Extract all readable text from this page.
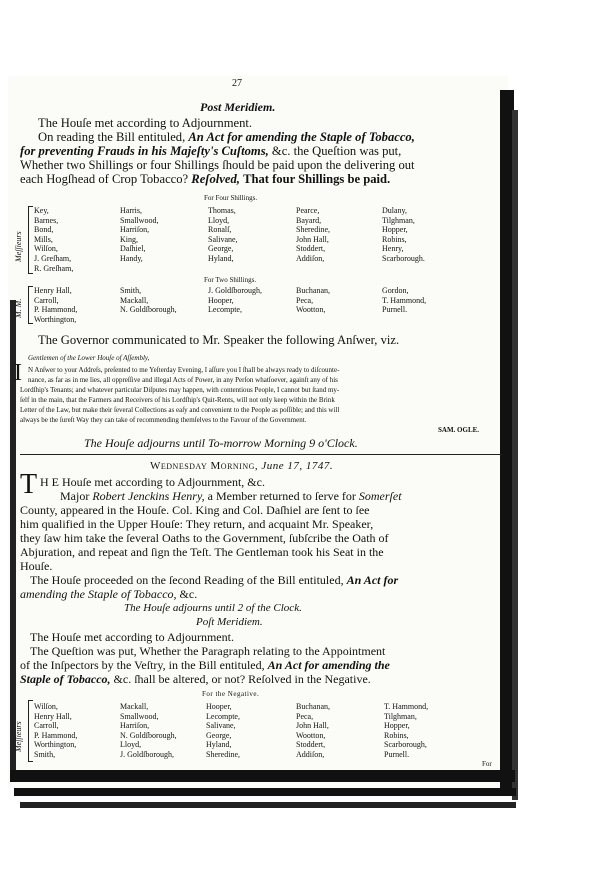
27
Post Meridiem.
The Houſe met according to Adjournment.
On reading the Bill entituled, An Act for amending the Staple of Tobacco,
for preventing Frauds in his Majeſty's Cuſtoms, &c. the Queſtion was put,
Whether two Shillings or four Shillings ſhould be paid upon the delivering out
each Hogſhead of Crop Tobacco? Reſolved, That four Shillings be paid.
For Four Shillings.
Meſſieurs
Key,
Barnes,
Bond,
Mills,
Wilſon,
J. Greſham,
R. Greſham,
Harris,
Smallwood,
Harriſon,
King,
Daſhiel,
Handy,
Thomas,
Lloyd,
Ronalſ,
Salivane,
George,
Hyland,
Pearce,
Bayard,
Sheredine,
John Hall,
Stoddert,
Addiſon,
Dulany,
Tilghman,
Hopper,
Robins,
Henry,
Scarborough.
For Two Shillings.
M. M.
Henry Hall,
Carroll,
P. Hammond,
Worthington,
Smith,
Mackall,
N. Goldſborough,
J. Goldſborough,
Hooper,
Lecompte,
Buchanan,
Peca,
Wootton,
Gordon,
T. Hammond,
Purnell.
The Governor communicated to Mr. Speaker the following Anſwer, viz.
Gentlemen of the Lower Houſe of Aſſembly,
I N Anſwer to your Addreſs, preſented to me Yeſterday Evening, I aſſure you I ſhall be always ready to diſcounte-
nance, as far as in me lies, all oppreſſive and illegal Acts of Power, in any Perſon whatſoever, againſt any of his
Lordſhip's Tenants; and whatever particular Diſputes may happen, with contentious People, I cannot but ſtand my-
ſelf in the main, that the Farmers and Receivers of his Lordſhip's Quit-Rents, will not only keep within the Brink
Letter of the Law, but make their ſeveral Collections as eaſy and convenient to the People as poſſible; and this will
always be the ſureſt Way they can take of recommending themſelves to the Favour of the Government.
SAM. OGLE.
The Houſe adjourns until To-morrow Morning 9 o'Clock.
Wedneſday Morning, June 17, 1747.
T H E Houſe met according to Adjournment, &c.
Major Robert Jenckins Henry, a Member returned to ſerve for Somerſet
County, appeared in the Houſe. Col. King and Col. Daſhiel are ſent to ſee
him qualified in the Upper Houſe: They return, and acquaint Mr. Speaker,
they ſaw him take the ſeveral Oaths to the Government, ſubſcribe the Oath of
Abjuration, and repeat and ſign the Teſt. The Gentleman took his Seat in the
Houſe.
The Houſe proceeded on the ſecond Reading of the Bill entituled, An Act for
amending the Staple of Tobacco, &c.
The Houſe adjourns until 2 of the Clock.
Poſt Meridiem.
The Houſe met according to Adjournment.
The Queſtion was put, Whether the Paragraph relating to the Appointment
of the Inſpectors by the Veſtry, in the Bill entituled, An Act for amending the
Staple of Tobacco, &c. ſhall be altered, or not? Reſolved in the Negative.
For the Negative.
Meſſieurs
Wilſon,
Henry Hall,
Carroll,
P. Hammond,
Worthington,
Smith,
Mackall,
Smallwood,
Harriſon,
N. Goldſborough,
Lloyd,
J. Goldſborough,
Hooper,
Lecompte,
Salivane,
George,
Hyland,
Sheredine,
Buchanan,
Peca,
John Hall,
Wootton,
Stoddert,
Addiſon,
T. Hammond,
Tilghman,
Hopper,
Robins,
Scarborough,
Purnell.
For
